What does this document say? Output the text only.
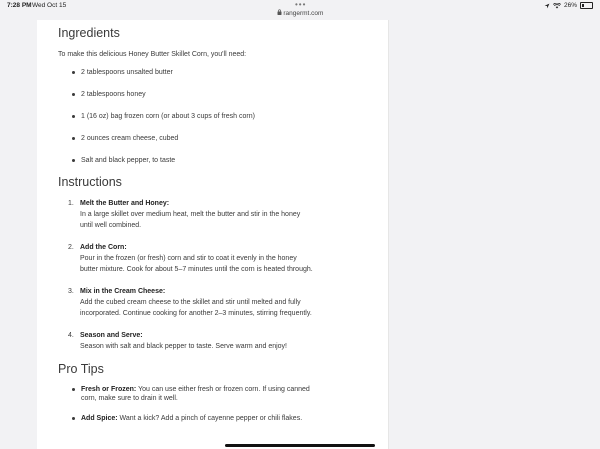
7:28 PM Wed Oct 15	•••	26%
rangermt.com
Ingredients

To make this delicious Honey Butter Skillet Corn, you'll need:

2 tablespoons unsalted butter
2 tablespoons honey
1 (16 oz) bag frozen corn (or about 3 cups of fresh corn)
2 ounces cream cheese, cubed
Salt and black pepper, to taste
Instructions
1. Melt the Butter and Honey:
In a large skillet over medium heat, melt the butter and stir in the honey
until well combined.
2. Add the Corn:
Pour in the frozen (or fresh) corn and stir to coat it evenly in the honey
butter mixture. Cook for about 5–7 minutes until the corn is heated through.
3. Mix in the Cream Cheese:
Add the cubed cream cheese to the skillet and stir until melted and fully
incorporated. Continue cooking for another 2–3 minutes, stirring frequently.
4. Season and Serve:
Season with salt and black pepper to taste. Serve warm and enjoy!
Pro Tips
Fresh or Frozen: You can use either fresh or frozen corn. If using canned
corn, make sure to drain it well.
Add Spice: Want a kick? Add a pinch of cayenne pepper or chili flakes.
